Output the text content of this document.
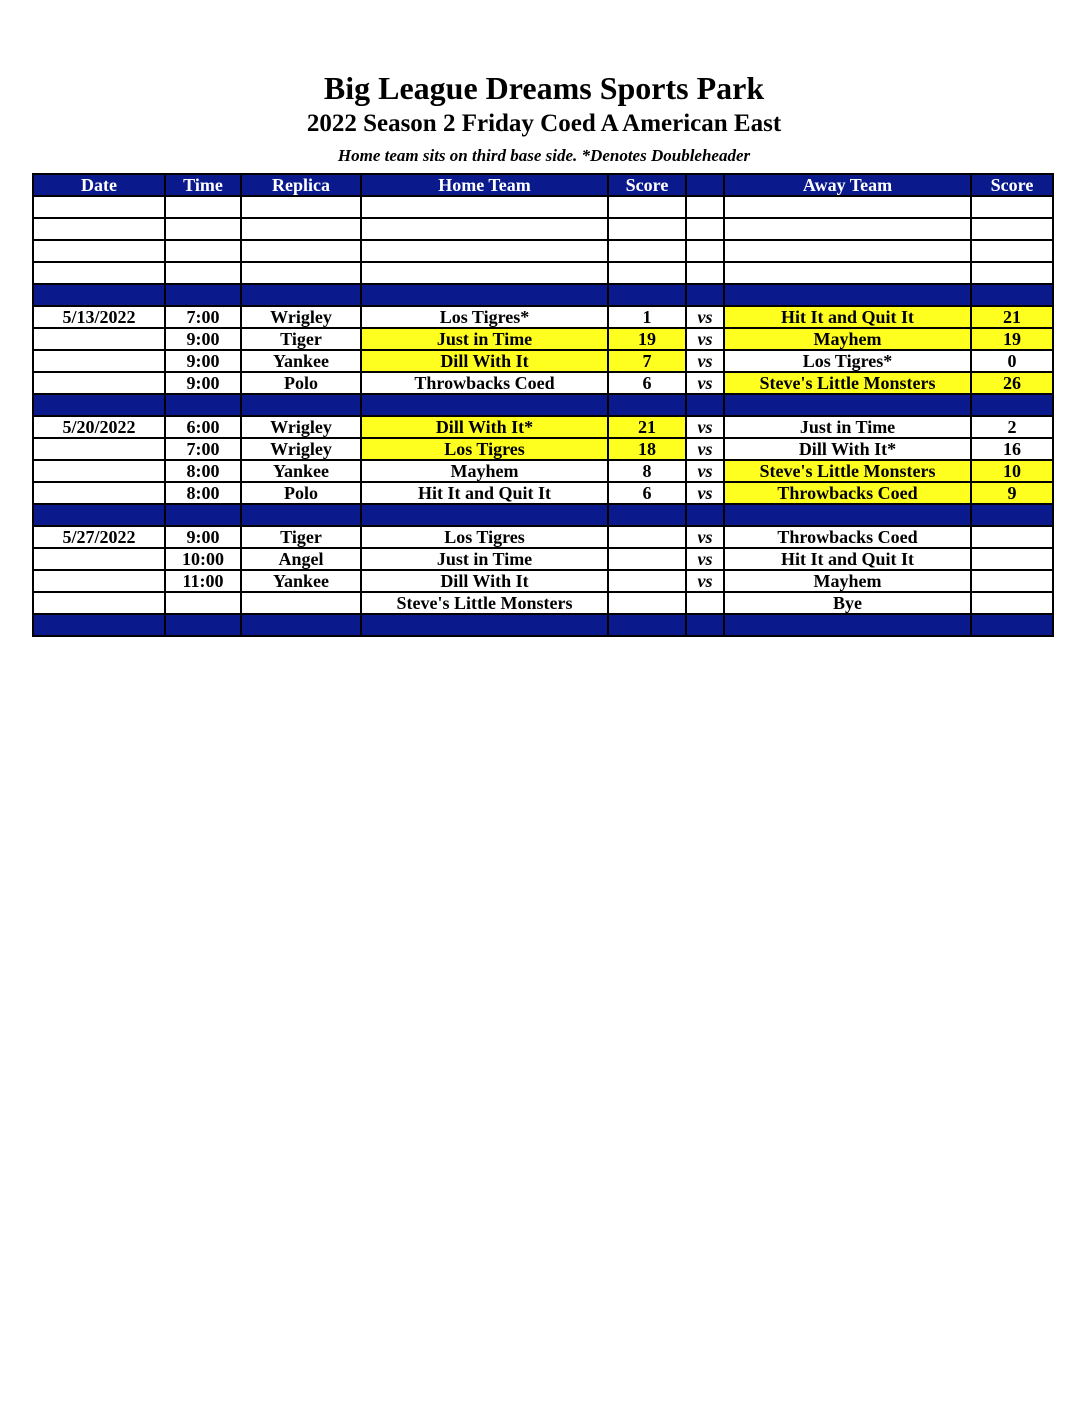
Big League Dreams Sports Park
2022 Season 2 Friday Coed A American East
Home team sits on third base side. *Denotes Doubleheader
Date	Time	Replica	Home Team	Score		Away Team	Score

5/13/2022	7:00	Wrigley	Los Tigres*	1	vs	Hit It and Quit It	21
	9:00	Tiger	Just in Time	19	vs	Mayhem	19
	9:00	Yankee	Dill With It	7	vs	Los Tigres*	0
	9:00	Polo	Throwbacks Coed	6	vs	Steve's Little Monsters	26

5/20/2022	6:00	Wrigley	Dill With It*	21	vs	Just in Time	2
	7:00	Wrigley	Los Tigres	18	vs	Dill With It*	16
	8:00	Yankee	Mayhem	8	vs	Steve's Little Monsters	10
	8:00	Polo	Hit It and Quit It	6	vs	Throwbacks Coed	9

5/27/2022	9:00	Tiger	Los Tigres		vs	Throwbacks Coed	
	10:00	Angel	Just in Time		vs	Hit It and Quit It	
	11:00	Yankee	Dill With It		vs	Mayhem	
			Steve's Little Monsters			Bye	
